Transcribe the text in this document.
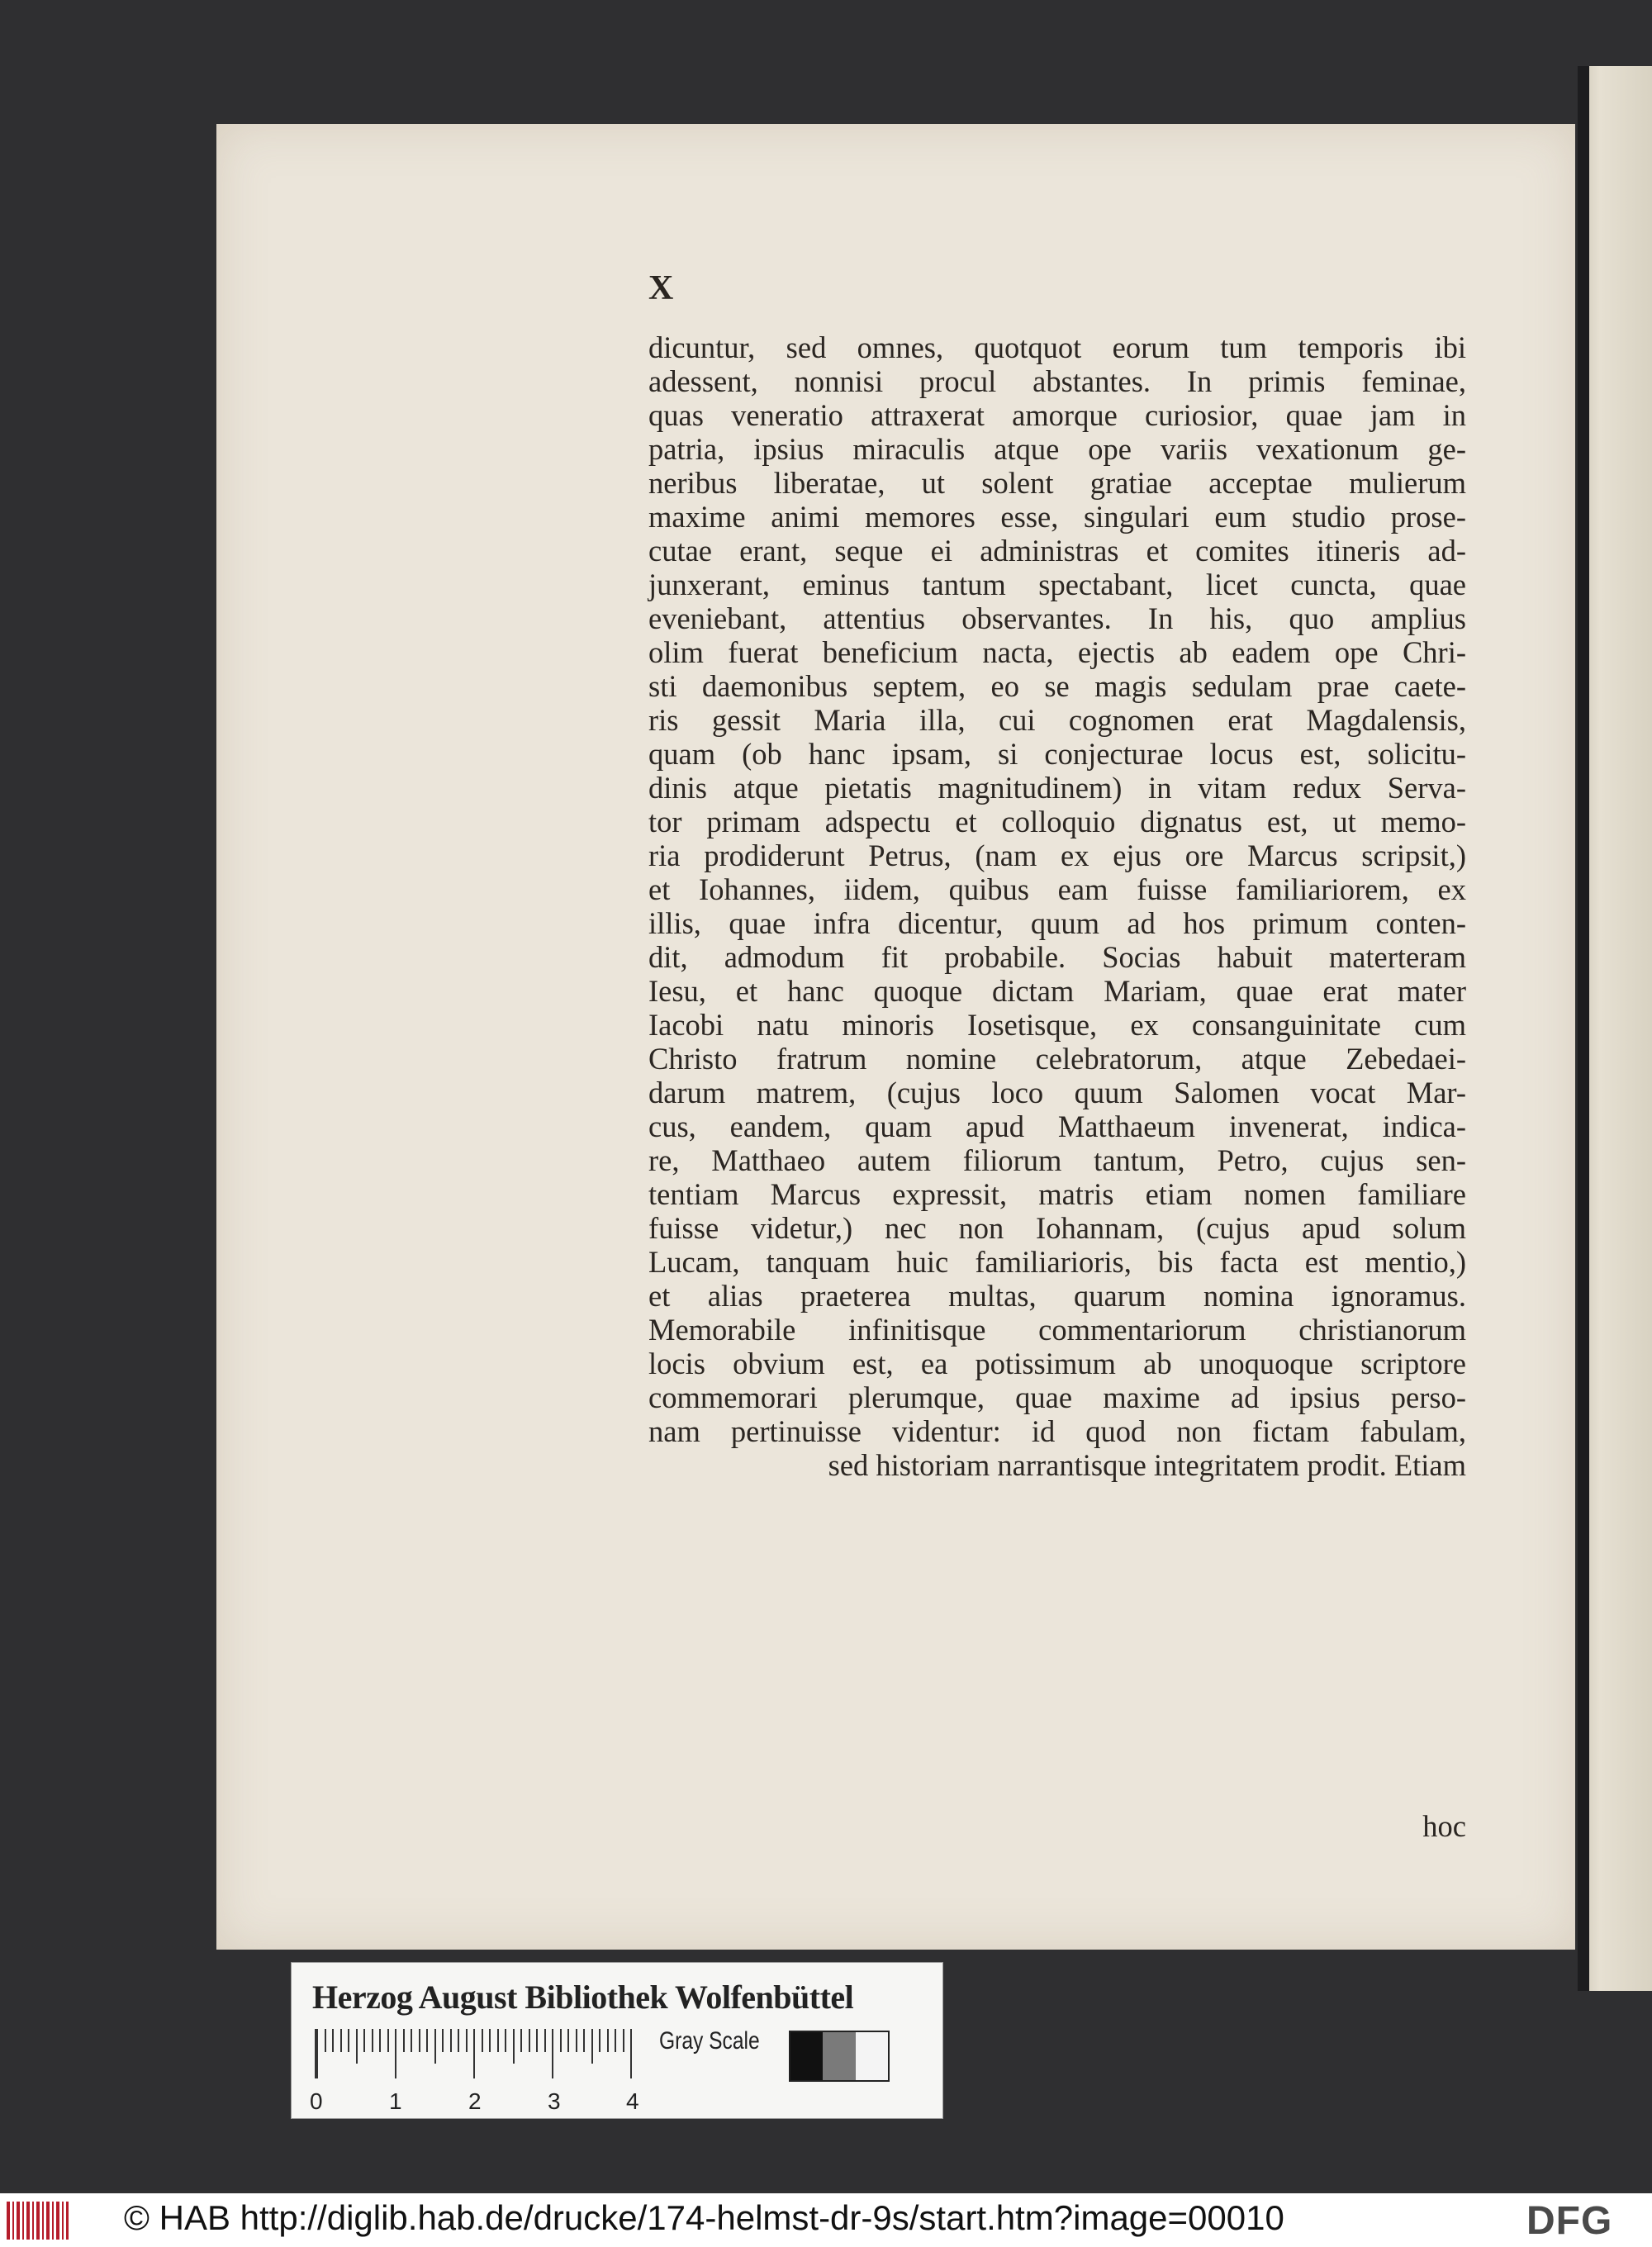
X
dicuntur, sed omnes, quotquot eorum tum temporis ibi
adessent, nonnisi procul abstantes. In primis feminae,
quas veneratio attraxerat amorque curiosior, quae jam in
patria, ipsius miraculis atque ope variis vexationum ge-
neribus liberatae, ut solent gratiae acceptae mulierum
maxime animi memores esse, singulari eum studio prose-
cutae erant, seque ei administras et comites itineris ad-
junxerant, eminus tantum spectabant, licet cuncta, quae
eveniebant, attentius observantes. In his, quo amplius
olim fuerat beneficium nacta, ejectis ab eadem ope Chri-
sti daemonibus septem, eo se magis sedulam prae caete-
ris gessit Maria illa, cui cognomen erat Magdalensis,
quam (ob hanc ipsam, si conjecturae locus est, solicitu-
dinis atque pietatis magnitudinem) in vitam redux Serva-
tor primam adspectu et colloquio dignatus est, ut memo-
ria prodiderunt Petrus, (nam ex ejus ore Marcus scripsit,)
et Iohannes, iidem, quibus eam fuisse familiariorem, ex
illis, quae infra dicentur, quum ad hos primum conten-
dit, admodum fit probabile. Socias habuit materteram
Iesu, et hanc quoque dictam Mariam, quae erat mater
Iacobi natu minoris Iosetisque, ex consanguinitate cum
Christo fratrum nomine celebratorum, atque Zebedaei-
darum matrem, (cujus loco quum Salomen vocat Mar-
cus, eandem, quam apud Matthaeum invenerat, indica-
re, Matthaeo autem filiorum tantum, Petro, cujus sen-
tentiam Marcus expressit, matris etiam nomen familiare
fuisse videtur,) nec non Iohannam, (cujus apud solum
Lucam, tanquam huic familiarioris, bis facta est mentio,)
et alias praeterea multas, quarum nomina ignoramus.
Memorabile infinitisque commentariorum christianorum
locis obvium est, ea potissimum ab unoquoque scriptore
commemorari plerumque, quae maxime ad ipsius perso-
nam pertinuisse videntur: id quod non fictam fabulam,
sed historiam narrantisque integritatem prodit. Etiam
hoc
Herzog August Bibliothek Wolfenbüttel
0	1	2	3	4
Gray Scale
© HAB http://diglib.hab.de/drucke/174-helmst-dr-9s/start.htm?image=00010	DFG
